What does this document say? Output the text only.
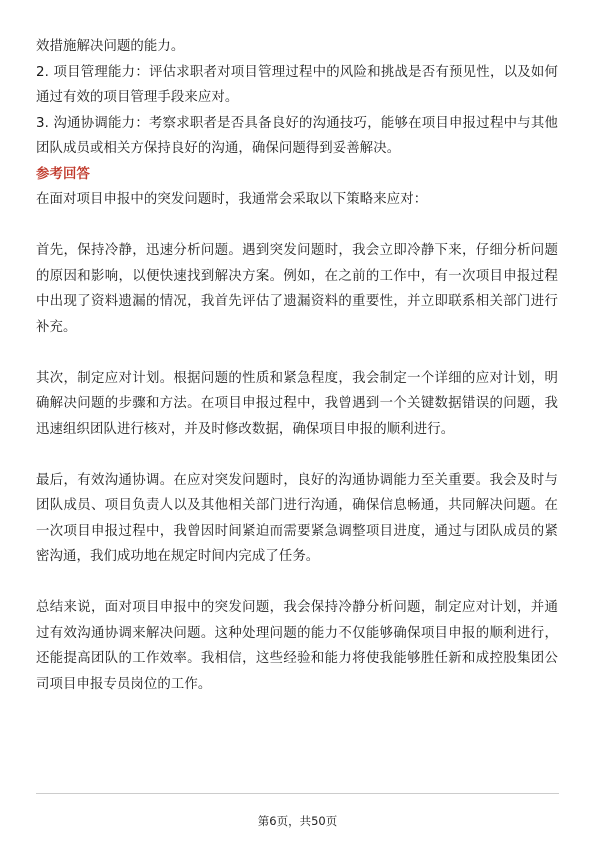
效措施解决问题的能力。

2. 项目管理能力：评估求职者对项目管理过程中的风险和挑战是否有预见性，以及如何通过有效的项目管理手段来应对。

3. 沟通协调能力：考察求职者是否具备良好的沟通技巧，能够在项目申报过程中与其他团队成员或相关方保持良好的沟通，确保问题得到妥善解决。

参考回答

在面对项目申报中的突发问题时，我通常会采取以下策略来应对：

首先，保持冷静，迅速分析问题。遇到突发问题时，我会立即冷静下来，仔细分析问题的原因和影响，以便快速找到解决方案。例如，在之前的工作中，有一次项目申报过程中出现了资料遗漏的情况，我首先评估了遗漏资料的重要性，并立即联系相关部门进行补充。

其次，制定应对计划。根据问题的性质和紧急程度，我会制定一个详细的应对计划，明确解决问题的步骤和方法。在项目申报过程中，我曾遇到一个关键数据错误的问题，我迅速组织团队进行核对，并及时修改数据，确保项目申报的顺利进行。

最后，有效沟通协调。在应对突发问题时，良好的沟通协调能力至关重要。我会及时与团队成员、项目负责人以及其他相关部门进行沟通，确保信息畅通，共同解决问题。在一次项目申报过程中，我曾因时间紧迫而需要紧急调整项目进度，通过与团队成员的紧密沟通，我们成功地在规定时间内完成了任务。

总结来说，面对项目申报中的突发问题，我会保持冷静分析问题，制定应对计划，并通过有效沟通协调来解决问题。这种处理问题的能力不仅能够确保项目申报的顺利进行，还能提高团队的工作效率。我相信，这些经验和能力将使我能够胜任新和成控股集团公司项目申报专员岗位的工作。

第6页，共50页
